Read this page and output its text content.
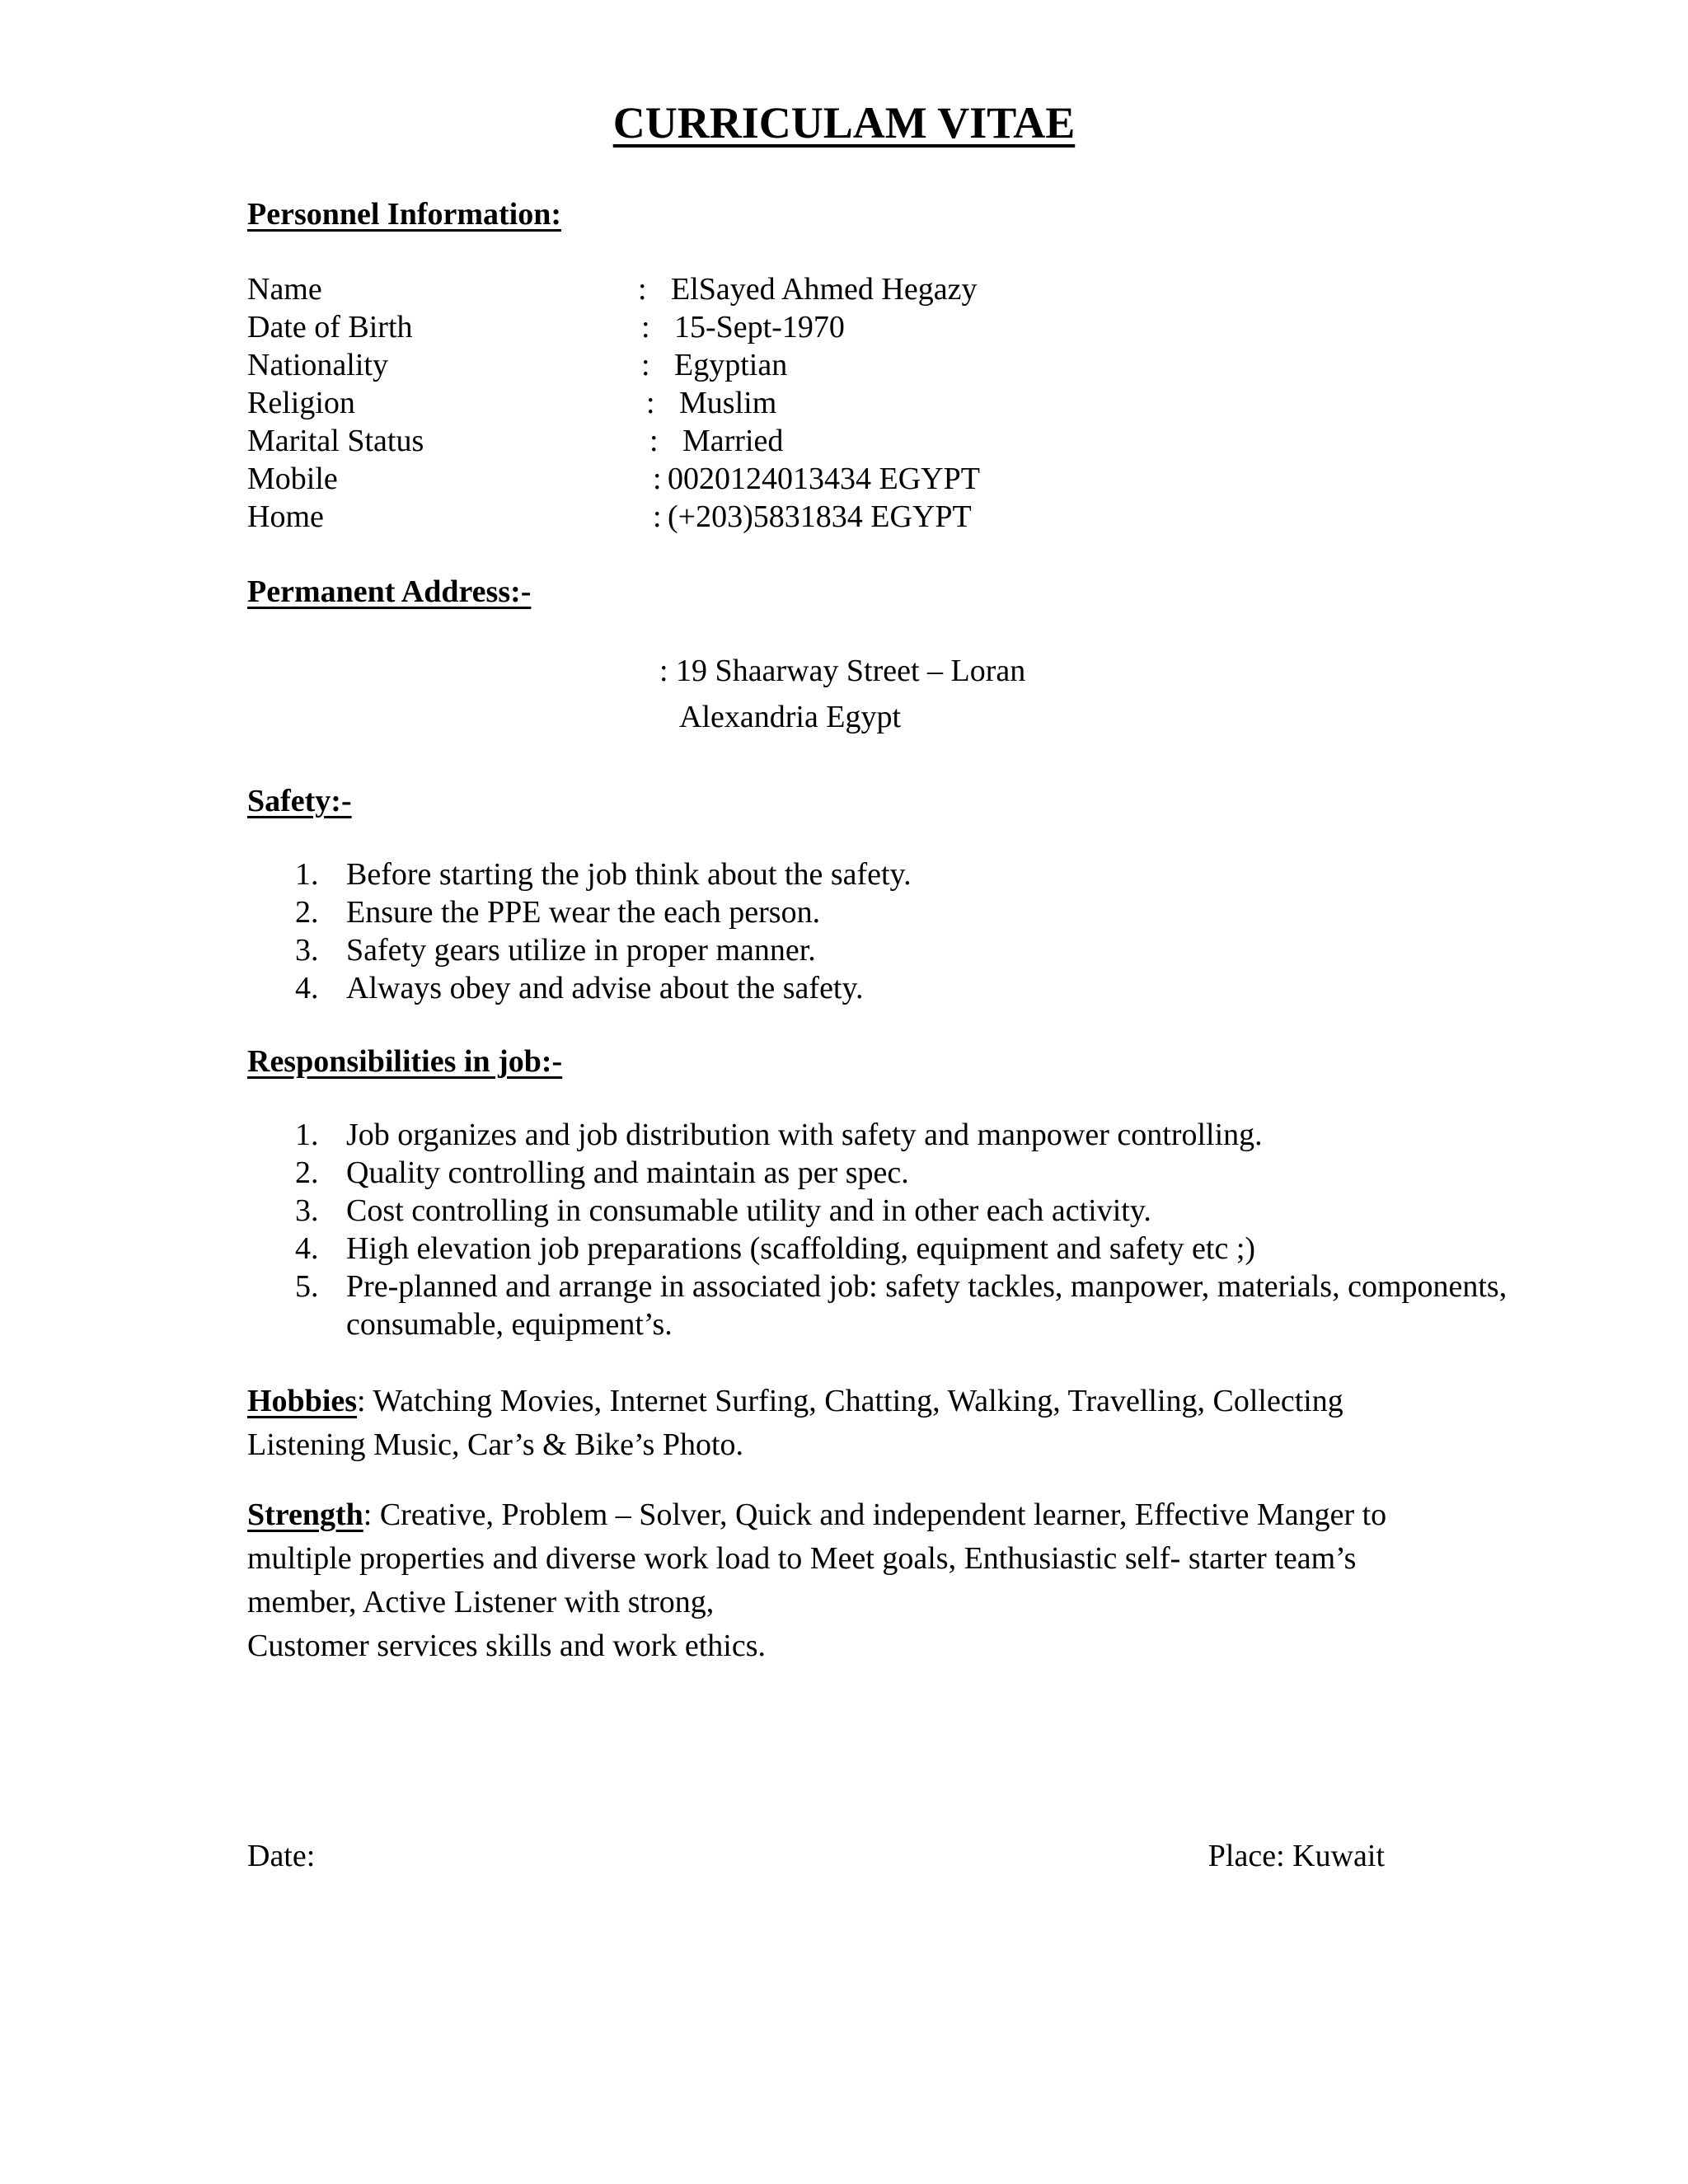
CURRICULAM VITAE
Personnel Information:
Name	: ElSayed Ahmed Hegazy
Date of Birth	: 15-Sept-1970
Nationality	: Egyptian
Religion	: Muslim
Marital Status	: Married
Mobile	: 0020124013434 EGYPT
Home	: (+203)5831834 EGYPT
Permanent Address:-
: 19 Shaarway Street – Loran
Alexandria Egypt
Safety:-
1. Before starting the job think about the safety.
2. Ensure the PPE wear the each person.
3. Safety gears utilize in proper manner.
4. Always obey and advise about the safety.
Responsibilities in job:-
1. Job organizes and job distribution with safety and manpower controlling.
2. Quality controlling and maintain as per spec.
3. Cost controlling in consumable utility and in other each activity.
4. High elevation job preparations (scaffolding, equipment and safety etc ;)
5. Pre-planned and arrange in associated job: safety tackles, manpower, materials, components, consumable, equipment’s.
Hobbies: Watching Movies, Internet Surfing, Chatting, Walking, Travelling, Collecting Listening Music, Car’s & Bike’s Photo.
Strength: Creative, Problem – Solver, Quick and independent learner, Effective Manger to multiple properties and diverse work load to Meet goals, Enthusiastic self- starter team’s member, Active Listener with strong,
Customer services skills and work ethics.
Date:	Place: Kuwait
